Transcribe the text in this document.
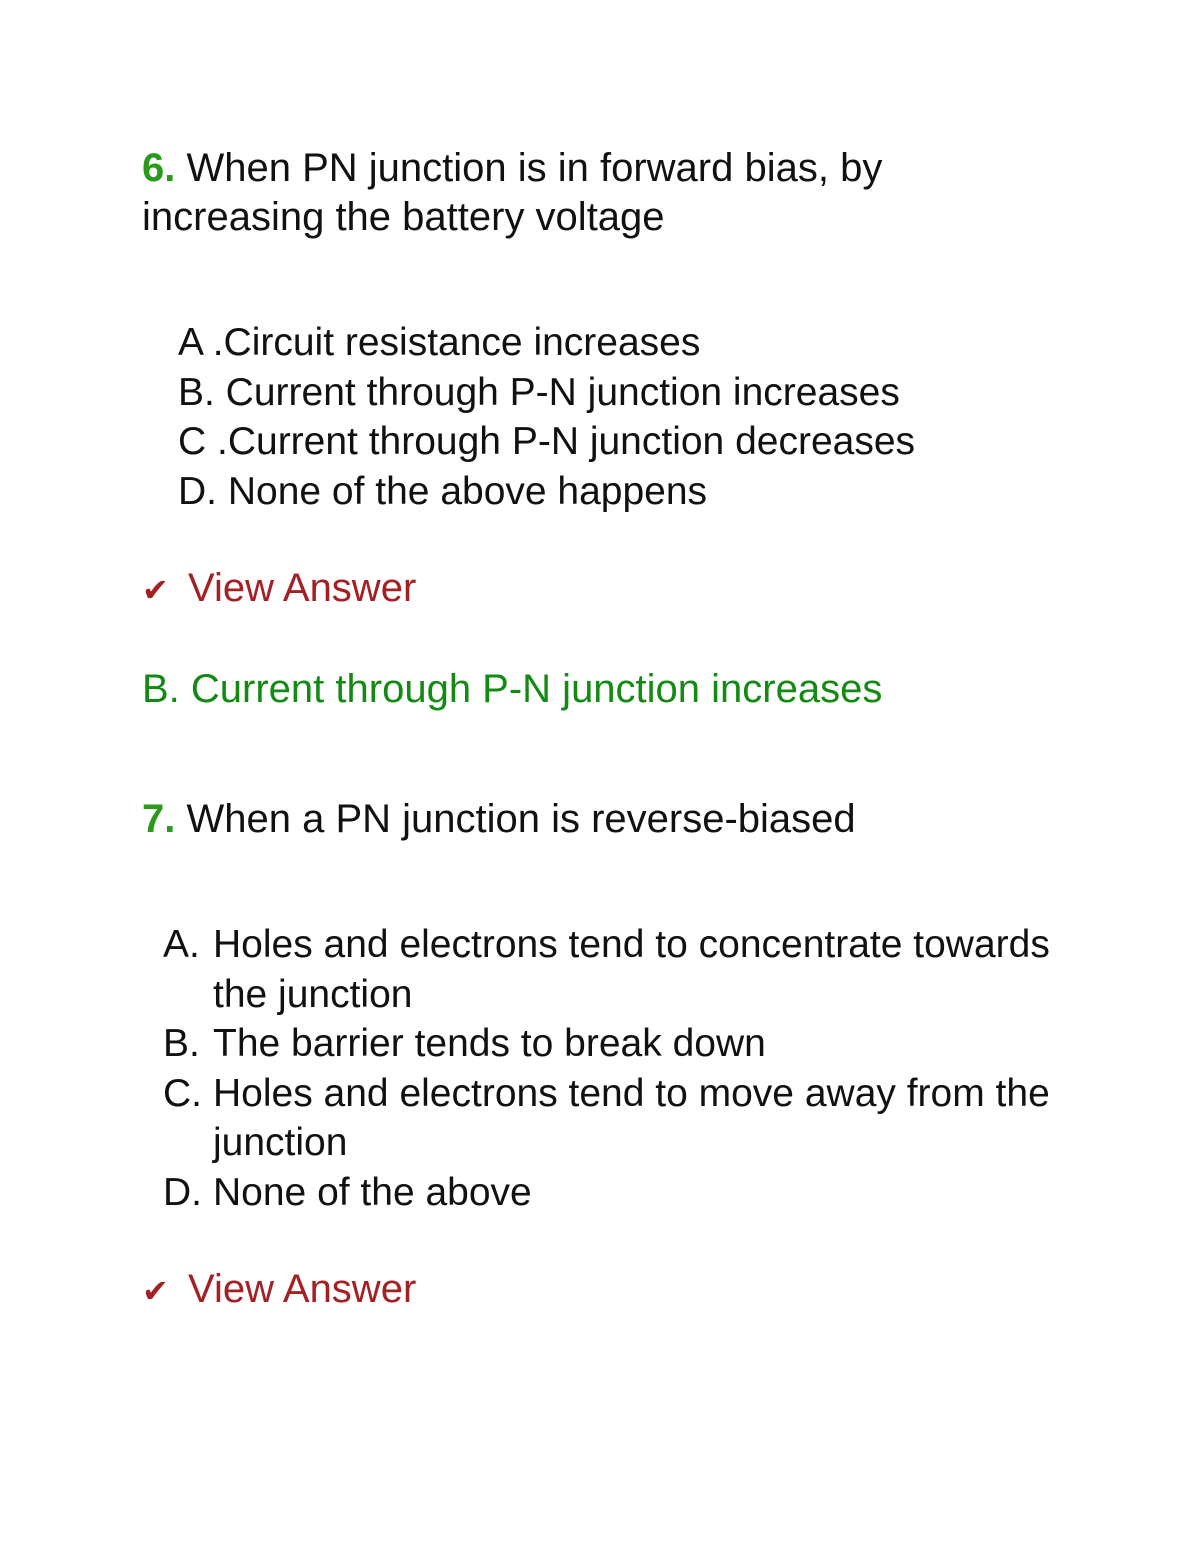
6. When PN junction is in forward bias, by increasing the battery voltage
A .Circuit resistance increases
B. Current through P-N junction increases
C .Current through P-N junction decreases
D. None of the above happens
✔ View Answer
B. Current through P-N junction increases
7. When a PN junction is reverse-biased
A. Holes and electrons tend to concentrate towards the junction
B. The barrier tends to break down
C. Holes and electrons tend to move away from the junction
D. None of the above
✔ View Answer
